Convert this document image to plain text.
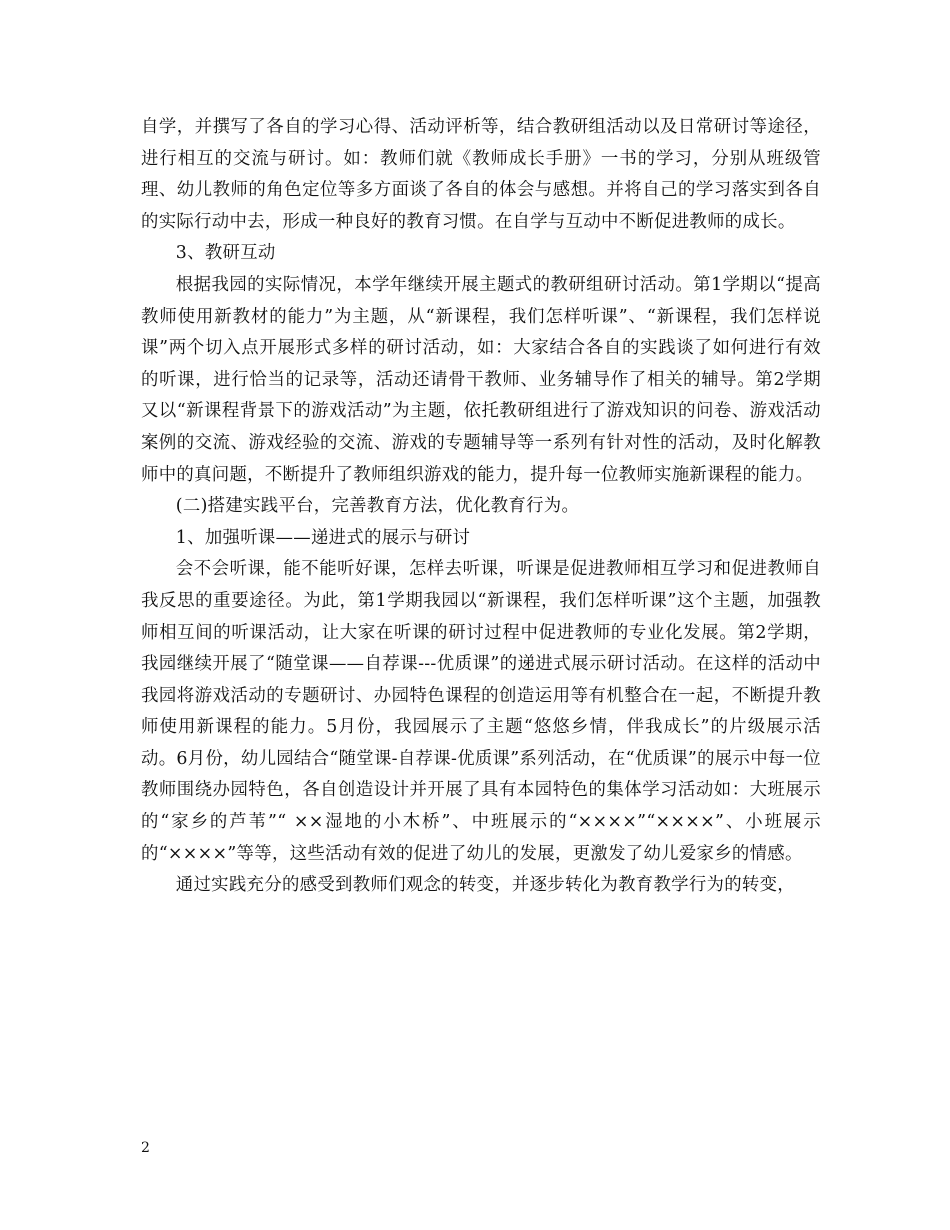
自学，并撰写了各自的学习心得、活动评析等，结合教研组活动以及日常研讨等途径，进行相互的交流与研讨。如：教师们就《教师成长手册》一书的学习，分别从班级管理、幼儿教师的角色定位等多方面谈了各自的体会与感想。并将自己的学习落实到各自的实际行动中去，形成一种良好的教育习惯。在自学与互动中不断促进教师的成长。

3、教研互动

根据我园的实际情况，本学年继续开展主题式的教研组研讨活动。第1学期以“提高教师使用新教材的能力”为主题，从“新课程，我们怎样听课”、“新课程，我们怎样说课”两个切入点开展形式多样的研讨活动，如：大家结合各自的实践谈了如何进行有效的听课，进行恰当的记录等，活动还请骨干教师、业务辅导作了相关的辅导。第2学期又以“新课程背景下的游戏活动”为主题，依托教研组进行了游戏知识的问卷、游戏活动案例的交流、游戏经验的交流、游戏的专题辅导等一系列有针对性的活动，及时化解教师中的真问题，不断提升了教师组织游戏的能力，提升每一位教师实施新课程的能力。

(二)搭建实践平台，完善教育方法，优化教育行为。

1、加强听课——递进式的展示与研讨

会不会听课，能不能听好课，怎样去听课，听课是促进教师相互学习和促进教师自我反思的重要途径。为此，第1学期我园以“新课程，我们怎样听课”这个主题，加强教师相互间的听课活动，让大家在听课的研讨过程中促进教师的专业化发展。第2学期，我园继续开展了“随堂课——自荐课---优质课”的递进式展示研讨活动。在这样的活动中我园将游戏活动的专题研讨、办园特色课程的创造运用等有机整合在一起，不断提升教师使用新课程的能力。5月份，我园展示了主题“悠悠乡情，伴我成长”的片级展示活动。6月份，幼儿园结合“随堂课-自荐课-优质课”系列活动，在“优质课”的展示中每一位教师围绕办园特色，各自创造设计并开展了具有本园特色的集体学习活动如：大班展示的“家乡的芦苇”“ ××湿地的小木桥”、中班展示的“××××”“××××”、小班展示的“××××”等等，这些活动有效的促进了幼儿的发展，更激发了幼儿爱家乡的情感。

通过实践充分的感受到教师们观念的转变，并逐步转化为教育教学行为的转变，

2
